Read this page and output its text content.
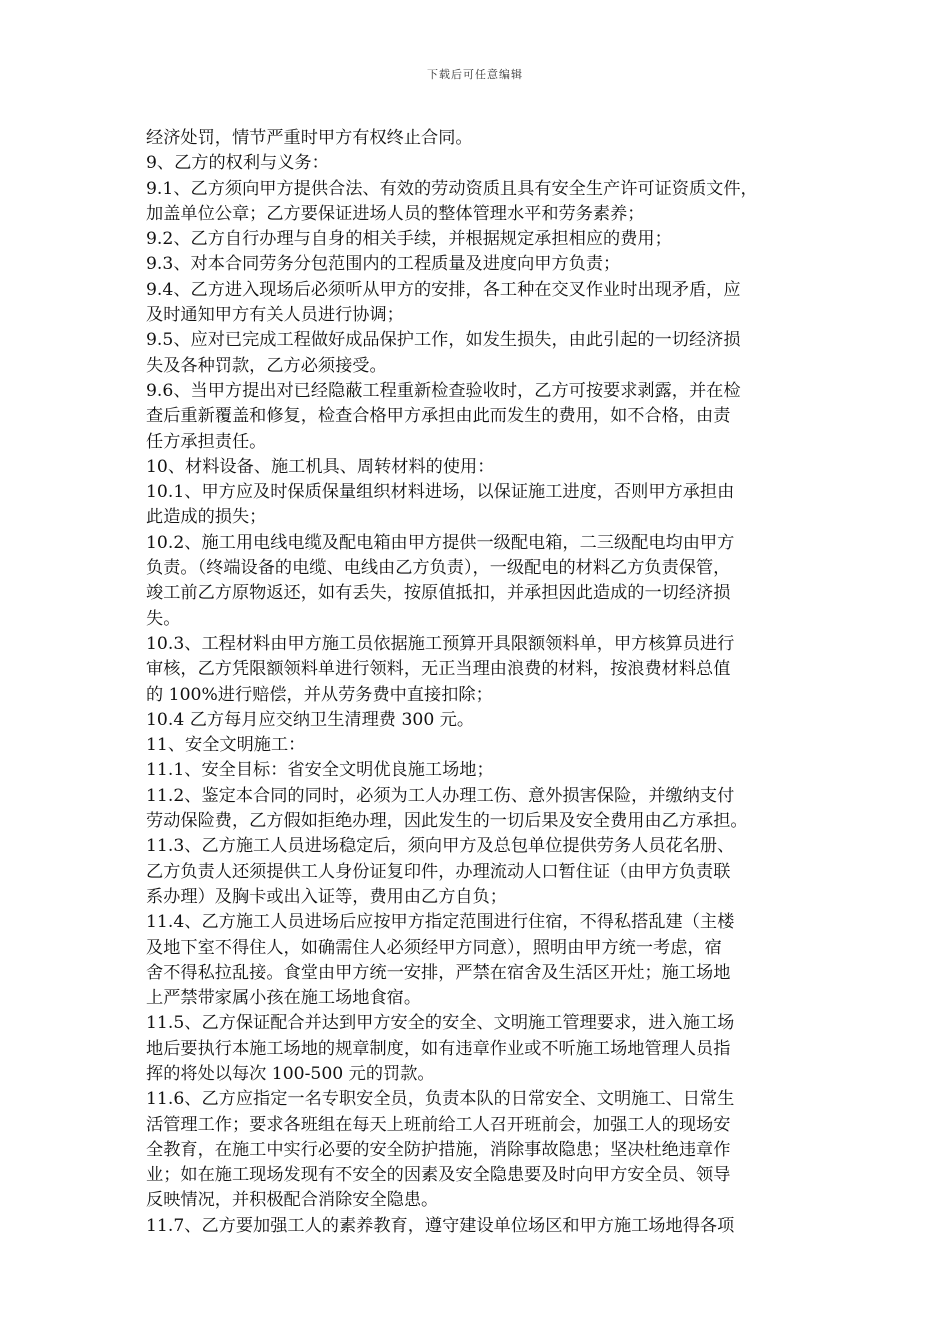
下载后可任意编辑
经济处罚，情节严重时甲方有权终止合同。
9、乙方的权利与义务：
9.1、乙方须向甲方提供合法、有效的劳动资质且具有安全生产许可证资质文件，
加盖单位公章；乙方要保证进场人员的整体管理水平和劳务素养；
9.2、乙方自行办理与自身的相关手续，并根据规定承担相应的费用；
9.3、对本合同劳务分包范围内的工程质量及进度向甲方负责；
9.4、乙方进入现场后必须听从甲方的安排，各工种在交叉作业时出现矛盾，应
及时通知甲方有关人员进行协调；
9.5、应对已完成工程做好成品保护工作，如发生损失，由此引起的一切经济损
失及各种罚款，乙方必须接受。
9.6、当甲方提出对已经隐蔽工程重新检查验收时，乙方可按要求剥露，并在检
查后重新覆盖和修复，检查合格甲方承担由此而发生的费用，如不合格，由责
任方承担责任。
10、材料设备、施工机具、周转材料的使用：
10.1、甲方应及时保质保量组织材料进场，以保证施工进度，否则甲方承担由
此造成的损失；
10.2、施工用电线电缆及配电箱由甲方提供一级配电箱，二三级配电均由甲方
负责。（终端设备的电缆、电线由乙方负责），一级配电的材料乙方负责保管，
竣工前乙方原物返还，如有丢失，按原值抵扣，并承担因此造成的一切经济损
失。
10.3、工程材料由甲方施工员依据施工预算开具限额领料单，甲方核算员进行
审核，乙方凭限额领料单进行领料，无正当理由浪费的材料，按浪费材料总值
的 100%进行赔偿，并从劳务费中直接扣除；
10.4 乙方每月应交纳卫生清理费 300 元。
11、安全文明施工：
11.1、安全目标：省安全文明优良施工场地；
11.2、鉴定本合同的同时，必须为工人办理工伤、意外损害保险，并缴纳支付
劳动保险费，乙方假如拒绝办理，因此发生的一切后果及安全费用由乙方承担。
11.3、乙方施工人员进场稳定后，须向甲方及总包单位提供劳务人员花名册、
乙方负责人还须提供工人身份证复印件，办理流动人口暂住证（由甲方负责联
系办理）及胸卡或出入证等，费用由乙方自负；
11.4、乙方施工人员进场后应按甲方指定范围进行住宿，不得私搭乱建（主楼
及地下室不得住人，如确需住人必须经甲方同意），照明由甲方统一考虑，宿
舍不得私拉乱接。食堂由甲方统一安排，严禁在宿舍及生活区开灶；施工场地
上严禁带家属小孩在施工场地食宿。
11.5、乙方保证配合并达到甲方安全的安全、文明施工管理要求，进入施工场
地后要执行本施工场地的规章制度，如有违章作业或不听施工场地管理人员指
挥的将处以每次 100-500 元的罚款。
11.6、乙方应指定一名专职安全员，负责本队的日常安全、文明施工、日常生
活管理工作；要求各班组在每天上班前给工人召开班前会，加强工人的现场安
全教育，在施工中实行必要的安全防护措施，消除事故隐患；坚决杜绝违章作
业；如在施工现场发现有不安全的因素及安全隐患要及时向甲方安全员、领导
反映情况，并积极配合消除安全隐患。
11.7、乙方要加强工人的素养教育，遵守建设单位场区和甲方施工场地得各项
